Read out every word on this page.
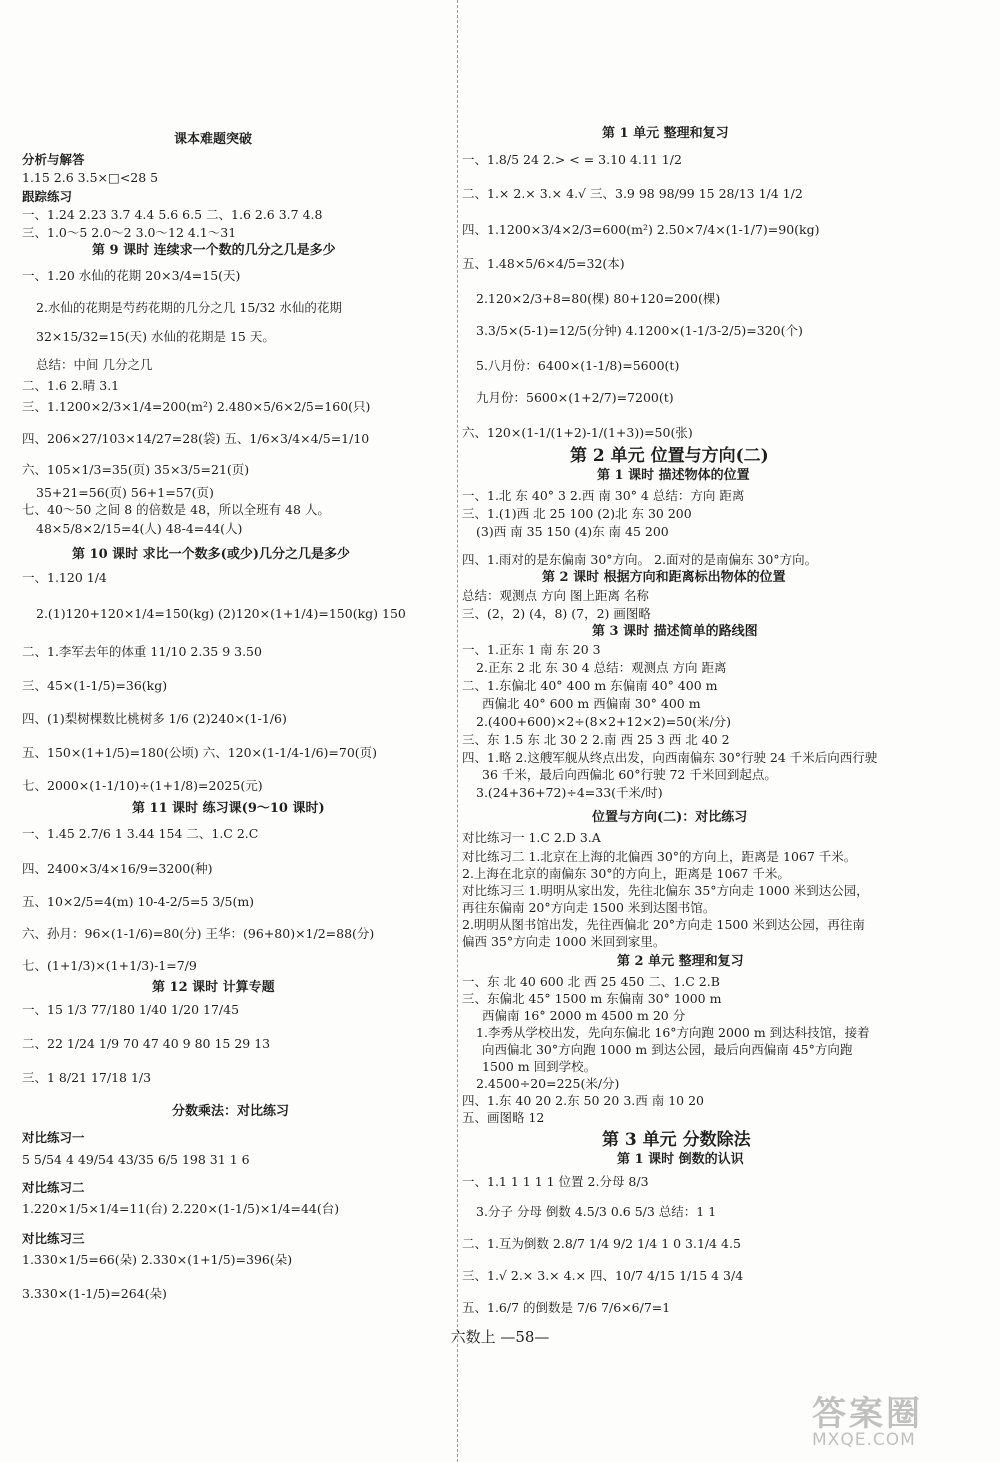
课本难题突破
分析与解答
1.15 2.6 3.5×□<28 5
跟踪练习
一、1.24 2.23 3.7 4.4 5.6 6.5 二、1.6 2.6 3.7 4.8
三、1.0～5 2.0～2 3.0～12 4.1～31
第 9 课时 连续求一个数的几分之几是多少
一、1.20 水仙的花期 20×3/4=15(天)
2.水仙的花期是芍药花期的几分之几 15/32 水仙的花期
32×15/32=15(天) 水仙的花期是 15 天。
总结：中间 几分之几
二、1.6 2.晴 3.1
三、1.1200×2/3×1/4=200(m²) 2.480×5/6×2/5=160(只)
四、206×27/103×14/27=28(袋) 五、1/6×3/4×4/5=1/10
六、105×1/3=35(页) 35×3/5=21(页)
35+21=56(页) 56+1=57(页)
七、40～50 之间 8 的倍数是 48，所以全班有 48 人。
48×5/8×2/15=4(人) 48-4=44(人)
第 10 课时 求比一个数多(或少)几分之几是多少
一、1.120 1/4
2.(1)120+120×1/4=150(kg) (2)120×(1+1/4)=150(kg) 150
二、1.李军去年的体重 11/10 2.35 9 3.50
三、45×(1-1/5)=36(kg)
四、(1)梨树棵数比桃树多 1/6 (2)240×(1-1/6)
五、150×(1+1/5)=180(公顷) 六、120×(1-1/4-1/6)=70(页)
七、2000×(1-1/10)÷(1+1/8)=2025(元)
第 11 课时 练习课(9～10 课时)
一、1.45 2.7/6 1 3.44 154 二、1.C 2.C
四、2400×3/4×16/9=3200(种)
五、10×2/5=4(m) 10-4-2/5=5 3/5(m)
六、孙月：96×(1-1/6)=80(分) 王华：(96+80)×1/2=88(分)
七、(1+1/3)×(1+1/3)-1=7/9
第 12 课时 计算专题
一、15 1/3 77/180 1/40 1/20 17/45
二、22 1/24 1/9 70 47 40 9 80 15 29 13
三、1 8/21 17/18 1/3
分数乘法：对比练习
对比练习一
5 5/54 4 49/54 43/35 6/5 198 31 1 6
对比练习二
1.220×1/5×1/4=11(台) 2.220×(1-1/5)×1/4=44(台)
对比练习三
1.330×1/5=66(朵) 2.330×(1+1/5)=396(朵)
3.330×(1-1/5)=264(朵)
第 1 单元 整理和复习
一、1.8/5 24 2.> < = 3.10 4.11 1/2
二、1.× 2.× 3.× 4.√ 三、3.9 98 98/99 15 28/13 1/4 1/2
四、1.1200×3/4×2/3=600(m²) 2.50×7/4×(1-1/7)=90(kg)
五、1.48×5/6×4/5=32(本)
2.120×2/3+8=80(棵) 80+120=200(棵)
3.3/5×(5-1)=12/5(分钟) 4.1200×(1-1/3-2/5)=320(个)
5.八月份：6400×(1-1/8)=5600(t)
九月份：5600×(1+2/7)=7200(t)
六、120×(1-1/(1+2)-1/(1+3))=50(张)
第 2 单元 位置与方向(二)
第 1 课时 描述物体的位置
一、1.北 东 40° 3 2.西 南 30° 4 总结：方向 距离
三、1.(1)西 北 25 100 (2)北 东 30 200
(3)西 南 35 150 (4)东 南 45 200
四、1.雨对的是东偏南 30°方向。 2.面对的是南偏东 30°方向。
第 2 课时 根据方向和距离标出物体的位置
总结：观测点 方向 图上距离 名称
三、(2，2) (4，8) (7，2) 画图略
第 3 课时 描述简单的路线图
一、1.正东 1 南 东 20 3
2.正东 2 北 东 30 4 总结：观测点 方向 距离
二、1.东偏北 40° 400 m 东偏南 40° 400 m
西偏北 40° 600 m 西偏南 30° 400 m
2.(400+600)×2÷(8×2+12×2)=50(米/分)
三、东 1.5 东 北 30 2 2.南 西 25 3 西 北 40 2
四、1.略 2.这艘军舰从终点出发，向西南偏东 30°行驶 24 千米后向西行驶
36 千米，最后向西偏北 60°行驶 72 千米回到起点。
3.(24+36+72)÷4=33(千米/时)
位置与方向(二)：对比练习
对比练习一 1.C 2.D 3.A
对比练习二 1.北京在上海的北偏西 30°的方向上，距离是 1067 千米。
2.上海在北京的南偏东 30°的方向上，距离是 1067 千米。
对比练习三 1.明明从家出发，先往北偏东 35°方向走 1000 米到达公园，
再往东偏南 20°方向走 1500 米到达图书馆。
2.明明从图书馆出发，先往西偏北 20°方向走 1500 米到达公园，再往南
偏西 35°方向走 1000 米回到家里。
第 2 单元 整理和复习
一、东 北 40 600 北 西 25 450 二、1.C 2.B
三、东偏北 45° 1500 m 东偏南 30° 1000 m
西偏南 16° 2000 m 4500 m 20 分
1.李秀从学校出发，先向东偏北 16°方向跑 2000 m 到达科技馆，接着
向西偏北 30°方向跑 1000 m 到达公园，最后向西偏南 45°方向跑
1500 m 回到学校。
2.4500÷20=225(米/分)
四、1.东 40 20 2.东 50 20 3.西 南 10 20
五、画图略 12
第 3 单元 分数除法
第 1 课时 倒数的认识
一、1.1 1 1 1 1 位置 2.分母 8/3
3.分子 分母 倒数 4.5/3 0.6 5/3 总结：1 1
二、1.互为倒数 2.8/7 1/4 9/2 1/4 1 0 3.1/4 4.5
三、1.√ 2.× 3.× 4.× 四、10/7 4/15 1/15 4 3/4
五、1.6/7 的倒数是 7/6 7/6×6/7=1
六数上 —58—
答案圈
MXQE.COM
